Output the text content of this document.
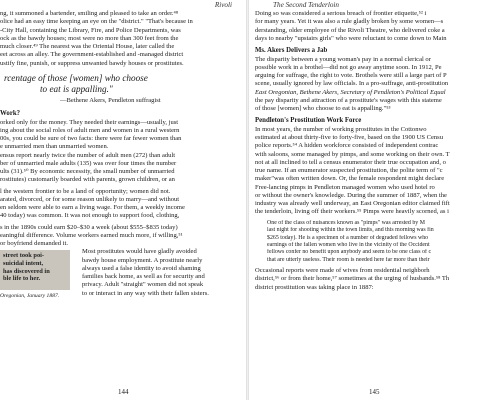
Rivoli
ng, it summoned a bartender, smiling and pleased to take an order.⁴⁸
olice had an easy time keeping an eye on the "district." "That's because in
-City Hall, containing the Library, Fire, and Police Departments, was
ock as the bawdy houses; most were no more than 300 feet from the
much closer.⁴⁹ The nearest was the Oriental House, later called the
eet across an alley. The government-established and -managed district
ustify fine, punish, or suppress unwanted bawdy houses or prostitutes.
rcentage of those [women] who choose
to eat is appalling."
—Bethene Akers, Pendleton suffragist
Work?
orked only for the money. They needed their earnings—usually, just
ing about the social roles of adult men and women in a rural western
00s, you could be sure of two facts: there were far fewer women than
e unmarried men than unmarried women.
ensus report nearly twice the number of adult men (272) than adult
ber of unmarried male adults (135) was over four times the number
ults (31).⁵⁰ By economic necessity, the small number of unmarried
rostitutes) customarily boarded with parents, grown children, or an
l the western frontier to be a land of opportunity; women did not.
arated, divorced, or for some reason unlikely to marry—and without
en seldom were able to earn a living wage. For them, a weekly income
40 today) was common. It was not enough to support food, clothing,
s in the 1890s could earn $20–$30 a week (about $555–$835 today)
eaningful difference. Volume workers earned much more, if willing,⁵¹
or boyfriend demanded it.
street took poi-
suicidal intent,
has discovered in
ble life to her.
Oregonian, January 1887.
Most prostitutes would have gladly avoided
bawdy house employment. A prostitute nearly
always used a false identity to avoid shaming
families back home, as well as for security and
privacy. Adult "straight" women did not speak
to or interact in any way with their fallen sisters.
144
The Second Tenderloin
Doing so was considered a serious breach of frontier etiquette,⁵² i
for many years. Yet it was also a rule gladly broken by some women—s
derstanding, older employee of the Rivoli Theatre, who delivered coke a
days to nearby "upstairs girls" who were reluctant to come down to Main
Ms. Akers Delivers a Jab
The disparity between a young woman's pay in a normal clerical or
possible work in a brothel—did not go away anytime soon. In 1912, Pe
arguing for suffrage, the right to vote. Brothels were still a large part of P
scene, usually ignored by law officials. In a pro-suffrage, anti-prostitution
East Oregonian, Bethene Akers, Secretary of Pendleton's Political Equal
the pay disparity and attraction of a prostitute's wages with this stateme
of those [women] who choose to eat is appalling."⁵³
Pendleton's Prostitution Work Force
In most years, the number of working prostitutes in the Cottonwo
estimated at about thirty-five to forty-five, based on the 1900 US Censu
police reports.⁵⁴ A hidden workforce consisted of independent contrac
with saloons, some managed by pimps, and some working on their own. T
not at all inclined to tell a census enumerator their true occupation and, o
true name. If an enumerator suspected prostitution, the polite term of "c
maker"was often written down. Or, the female respondent might declare
Free-lancing pimps in Pendleton managed women who used hotel ro
or without the owner's knowledge. During the summer of 1887, when the
industry was already well underway, an East Oregonian editor claimed fift
the tenderloin, living off their workers.⁵⁵ Pimps were heavily scorned, as i
One of the class of nuisances known as "pimps" was arrested by M
last night for shooting within the town limits, and this morning was fin
$265 today). He is a specimen of a number of degraded fellows who
earnings of the fallen women who live in the vicinity of the Occident
fellows confer no benefit upon anybody and seem to be one class of c
that are utterly useless. Their room is needed here far more than their
Occasional reports were made of wives from residential neighborh
district,⁵⁶ or from their home,⁵⁷ sometimes at the urging of husbands.⁵⁸ Th
district prostitution was taking place in 1887:
145
